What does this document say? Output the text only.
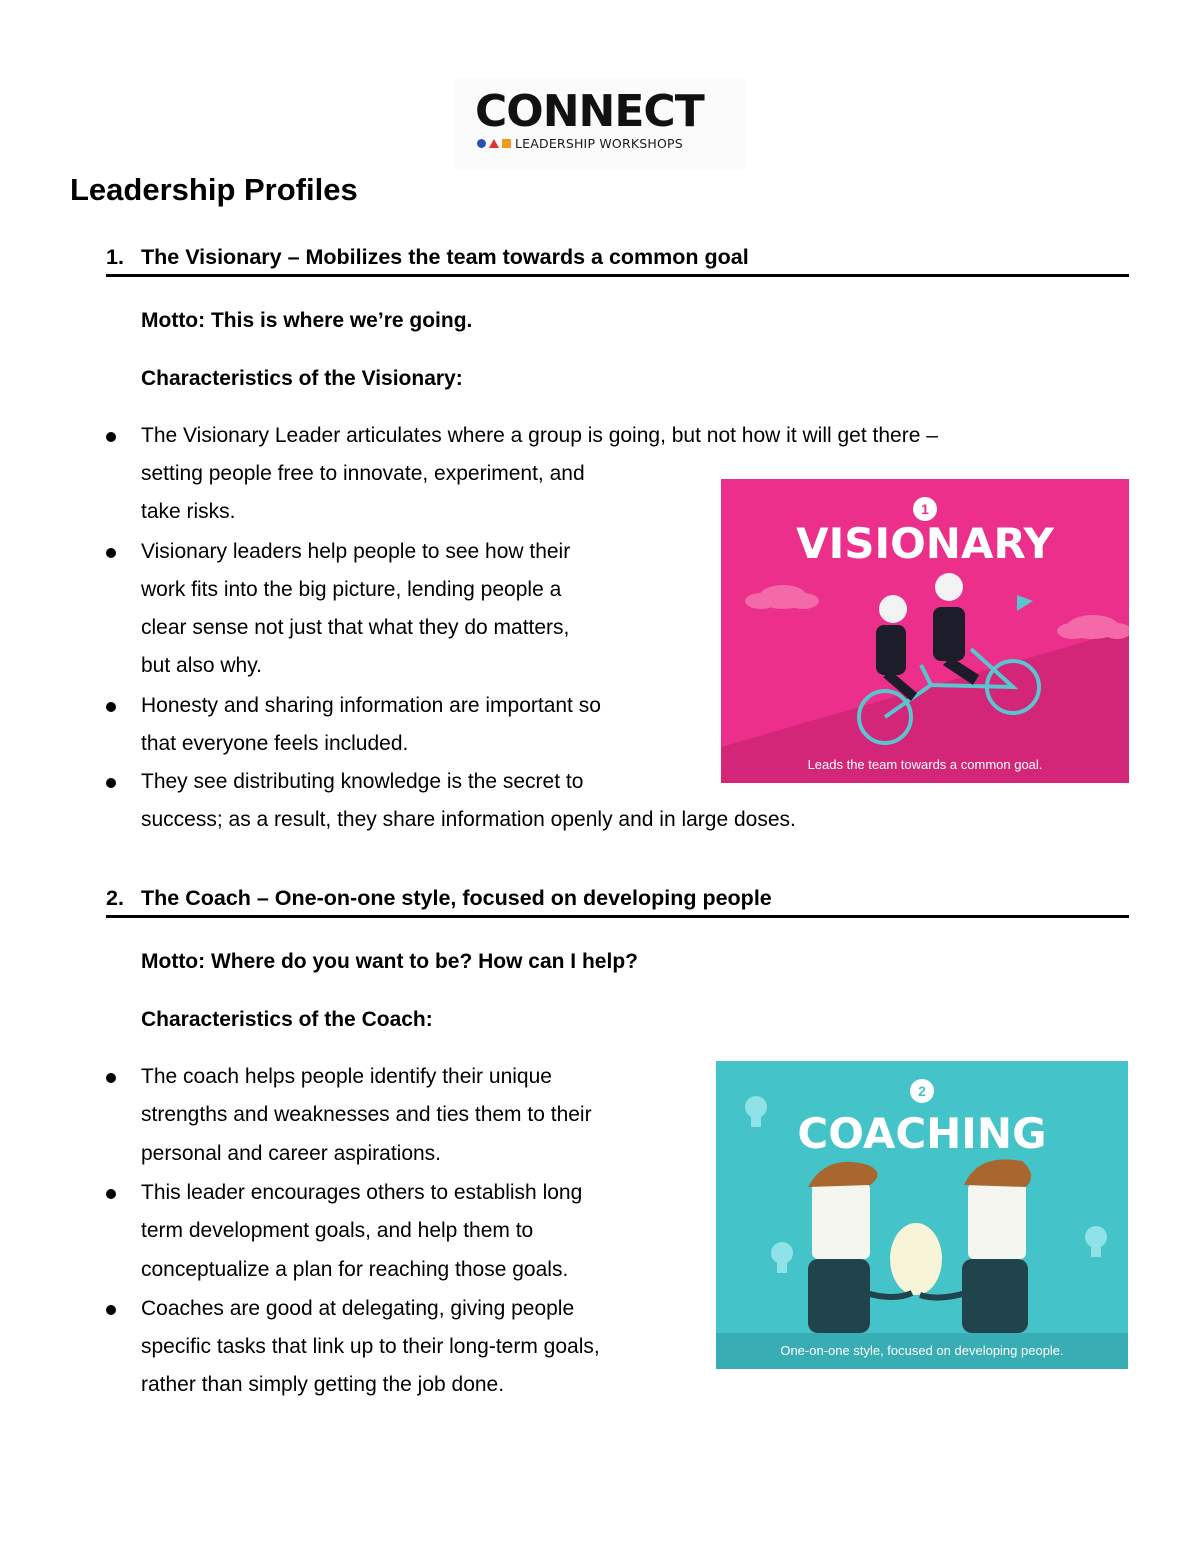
CONNECT
LEADERSHIP WORKSHOPS
Leadership Profiles
1. The Visionary – Mobilizes the team towards a common goal
Motto: This is where we’re going.
Characteristics of the Visionary:
The Visionary Leader articulates where a group is going, but not how it will get there –
setting people free to innovate, experiment, and
take risks.
Visionary leaders help people to see how their
work fits into the big picture, lending people a
clear sense not just that what they do matters,
but also why.
Honesty and sharing information are important so
that everyone feels included.
They see distributing knowledge is the secret to
success; as a result, they share information openly and in large doses.
1
VISIONARY
Leads the team towards a common goal.
2. The Coach – One-on-one style, focused on developing people
Motto: Where do you want to be? How can I help?
Characteristics of the Coach:
The coach helps people identify their unique
strengths and weaknesses and ties them to their
personal and career aspirations.
This leader encourages others to establish long
term development goals, and help them to
conceptualize a plan for reaching those goals.
Coaches are good at delegating, giving people
specific tasks that link up to their long-term goals,
rather than simply getting the job done.
2
COACHING
One-on-one style, focused on developing people.
